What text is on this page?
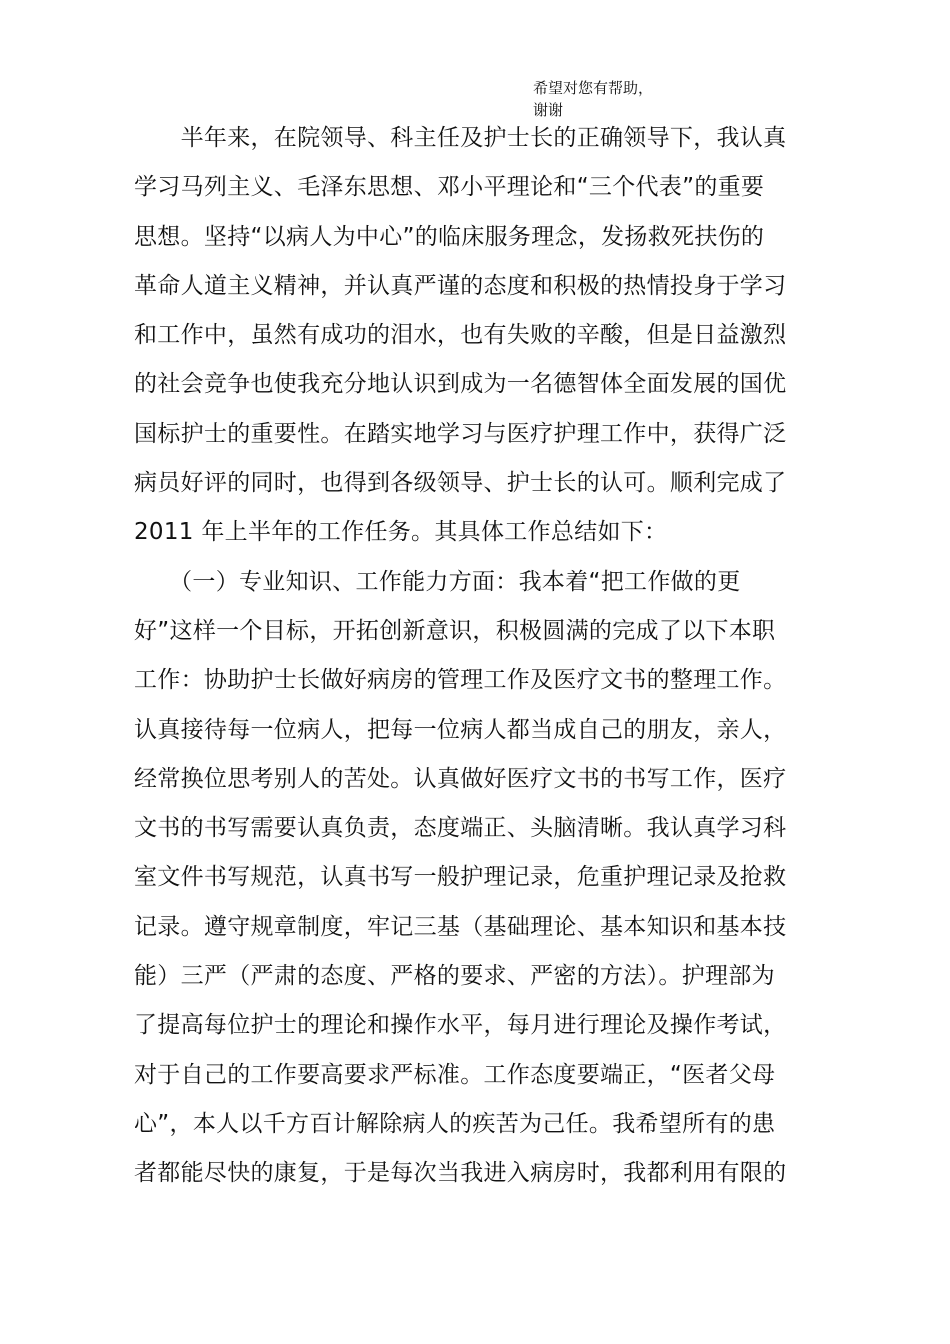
希望对您有帮助，
谢谢
　　半年来，在院领导、科主任及护士长的正确领导下，我认真
学习马列主义、毛泽东思想、邓小平理论和“三个代表”的重要
思想。坚持“以病人为中心”的临床服务理念，发扬救死扶伤的
革命人道主义精神，并认真严谨的态度和积极的热情投身于学习
和工作中，虽然有成功的泪水，也有失败的辛酸，但是日益激烈
的社会竞争也使我充分地认识到成为一名德智体全面发展的国优
国标护士的重要性。在踏实地学习与医疗护理工作中，获得广泛
病员好评的同时，也得到各级领导、护士长的认可。顺利完成了
2011 年上半年的工作任务。其具体工作总结如下：
　　（一）专业知识、工作能力方面：我本着“把工作做的更
好”这样一个目标，开拓创新意识，积极圆满的完成了以下本职
工作：协助护士长做好病房的管理工作及医疗文书的整理工作。
认真接待每一位病人，把每一位病人都当成自己的朋友，亲人，
经常换位思考别人的苦处。认真做好医疗文书的书写工作，医疗
文书的书写需要认真负责，态度端正、头脑清晰。我认真学习科
室文件书写规范，认真书写一般护理记录，危重护理记录及抢救
记录。遵守规章制度，牢记三基（基础理论、基本知识和基本技
能）三严（严肃的态度、严格的要求、严密的方法）。护理部为
了提高每位护士的理论和操作水平，每月进行理论及操作考试，
对于自己的工作要高要求严标准。工作态度要端正，“医者父母
心”，本人以千方百计解除病人的疾苦为己任。我希望所有的患
者都能尽快的康复，于是每次当我进入病房时，我都利用有限的
